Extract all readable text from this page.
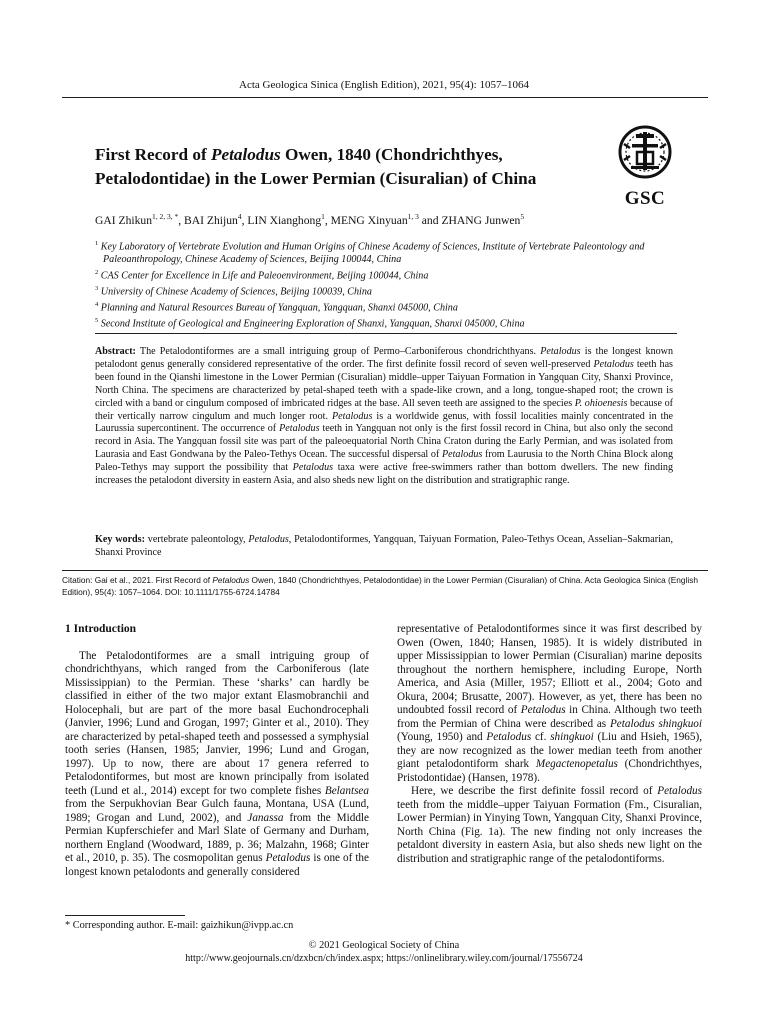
Acta Geologica Sinica (English Edition), 2021, 95(4): 1057–1064
First Record of Petalodus Owen, 1840 (Chondrichthyes, Petalodontidae) in the Lower Permian (Cisuralian) of China
GSC
GAI Zhikun$^{1, 2, 3, *}$, BAI Zhijun$^4$, LIN Xianghong$^1$, MENG Xinyuan$^{1, 3}$ and ZHANG Junwen$^5$
$^1$ Key Laboratory of Vertebrate Evolution and Human Origins of Chinese Academy of Sciences, Institute of Vertebrate Paleontology and Paleoanthropology, Chinese Academy of Sciences, Beijing 100044, China
$^2$ CAS Center for Excellence in Life and Paleoenvironment, Beijing 100044, China
$^3$ University of Chinese Academy of Sciences, Beijing 100039, China
$^4$ Planning and Natural Resources Bureau of Yangquan, Yangquan, Shanxi 045000, China
$^5$ Second Institute of Geological and Engineering Exploration of Shanxi, Yangquan, Shanxi 045000, China
Abstract: The Petalodontiformes are a small intriguing group of Permo–Carboniferous chondrichthyans. Petalodus is the longest known petalodont genus generally considered representative of the order. The first definite fossil record of seven well-preserved Petalodus teeth has been found in the Qianshi limestone in the Lower Permian (Cisuralian) middle–upper Taiyuan Formation in Yangquan City, Shanxi Province, North China. The specimens are characterized by petal-shaped teeth with a spade-like crown, and a long, tongue-shaped root; the crown is circled with a band or cingulum composed of imbricated ridges at the base. All seven teeth are assigned to the species P. ohioenesis because of their vertically narrow cingulum and much longer root. Petalodus is a worldwide genus, with fossil localities mainly concentrated in the Laurussia supercontinent. The occurrence of Petalodus teeth in Yangquan not only is the first fossil record in China, but also only the second record in Asia. The Yangquan fossil site was part of the paleoequatorial North China Craton during the Early Permian, and was isolated from Laurasia and East Gondwana by the Paleo-Tethys Ocean. The successful dispersal of Petalodus from Laurusia to the North China Block along Paleo-Tethys may support the possibility that Petalodus taxa were active free-swimmers rather than bottom dwellers. The new finding increases the petalodont diversity in eastern Asia, and also sheds new light on the distribution and stratigraphic range.
Key words: vertebrate paleontology, Petalodus, Petalodontiformes, Yangquan, Taiyuan Formation, Paleo-Tethys Ocean, Asselian–Sakmarian, Shanxi Province
Citation: Gai et al., 2021. First Record of Petalodus Owen, 1840 (Chondrichthyes, Petalodontidae) in the Lower Permian (Cisuralian) of China. Acta Geologica Sinica (English Edition), 95(4): 1057–1064. DOI: 10.1111/1755-6724.14784
1 Introduction
The Petalodontiformes are a small intriguing group of chondrichthyans, which ranged from the Carboniferous (late Mississippian) to the Permian. These ‘sharks’ can hardly be classified in either of the two major extant Elasmobranchii and Holocephali, but are part of the more basal Euchondrocephali (Janvier, 1996; Lund and Grogan, 1997; Ginter et al., 2010). They are characterized by petal-shaped teeth and possessed a symphysial tooth series (Hansen, 1985; Janvier, 1996; Lund and Grogan, 1997). Up to now, there are about 17 genera referred to Petalodontiformes, but most are known principally from isolated teeth (Lund et al., 2014) except for two complete fishes Belantsea from the Serpukhovian Bear Gulch fauna, Montana, USA (Lund, 1989; Grogan and Lund, 2002), and Janassa from the Middle Permian Kupferschiefer and Marl Slate of Germany and Durham, northern England (Woodward, 1889, p. 36; Malzahn, 1968; Ginter et al., 2010, p. 35). The cosmopolitan genus Petalodus is one of the longest known petalodonts and generally considered
representative of Petalodontiformes since it was first described by Owen (Owen, 1840; Hansen, 1985). It is widely distributed in upper Mississippian to lower Permian (Cisuralian) marine deposits throughout the northern hemisphere, including Europe, North America, and Asia (Miller, 1957; Elliott et al., 2004; Goto and Okura, 2004; Brusatte, 2007). However, as yet, there has been no undoubted fossil record of Petalodus in China. Although two teeth from the Permian of China were described as Petalodus shingkuoi (Young, 1950) and Petalodus cf. shingkuoi (Liu and Hsieh, 1965), they are now recognized as the lower median teeth from another giant petalodontiform shark Megactenopetalus (Chondrichthyes, Pristodontidae) (Hansen, 1978).
Here, we describe the first definite fossil record of Petalodus teeth from the middle–upper Taiyuan Formation (Fm., Cisuralian, Lower Permian) in Yinying Town, Yangquan City, Shanxi Province, North China (Fig. 1a). The new finding not only increases the petaldont diversity in eastern Asia, but also sheds new light on the distribution and stratigraphic range of the petalodontiforms.
* Corresponding author. E-mail: gaizhikun@ivpp.ac.cn
© 2021 Geological Society of China
http://www.geojournals.cn/dzxbcn/ch/index.aspx; https://onlinelibrary.wiley.com/journal/17556724
